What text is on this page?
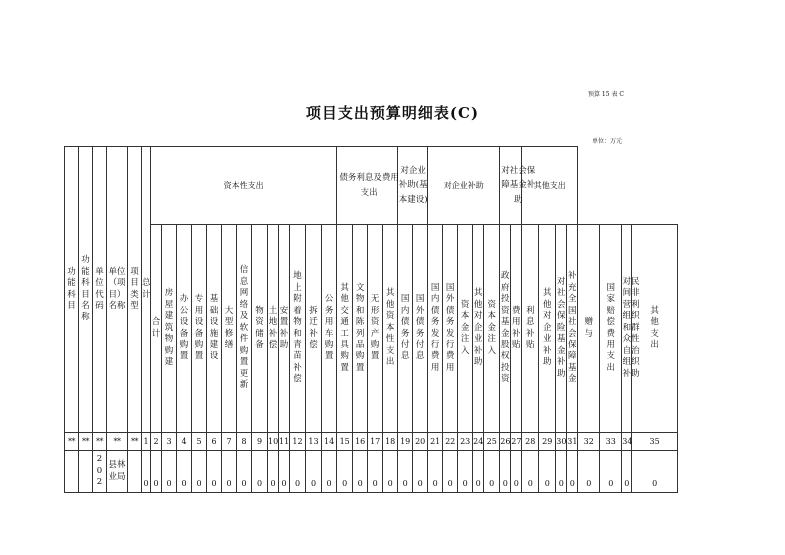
预算 15 表 C
项目支出预算明细表(C)
单位：万元
功能科目	功能科目名称	单位代码	单位（项目）名称	项目类型	总计	资本性支出													债务利息及费用支出				对企业补助(基本建设)		对企业补助					对社会保障基金补助		其他支出							
						合计	房屋建筑物购建	办公设备购置	专用设备购置	基础设施建设	大型修缮	信息网络及软件购置更新	物资储备	土地补偿	安置补助	地上附着物和青苗补偿	拆迁补偿	公务用车购置	其他交通工具购置	文物和陈列品购置	无形资产购置	其他资本性支出	国内债务付息	国外债务付息	国内债务发行费用	国外债务发行费用	资本金注入	其他对企业补助	资本金注入	政府投资基金股权投资	费用补贴	利息补贴	其他对企业补助	对社会保险基金补助	补充全国社会保障基金	赠与	国家赔偿费用支出	对民间非营利组织和群众性自治组织补助	其他支出
**	**	**	**	**	1	2	3	4	5	6	7	8	9	10	11	12	13	14	15	16	17	18	19	20	21	22	23	24	25	26	27	28	29	30	31	32	33	34	35
		202	县林业局		0	0	0	0	0	0	0	0	0	0	0	0	0	0	0	0	0	0	0	0	0	0	0	0	0	0	0	0	0	0	0	0	0	0	0
